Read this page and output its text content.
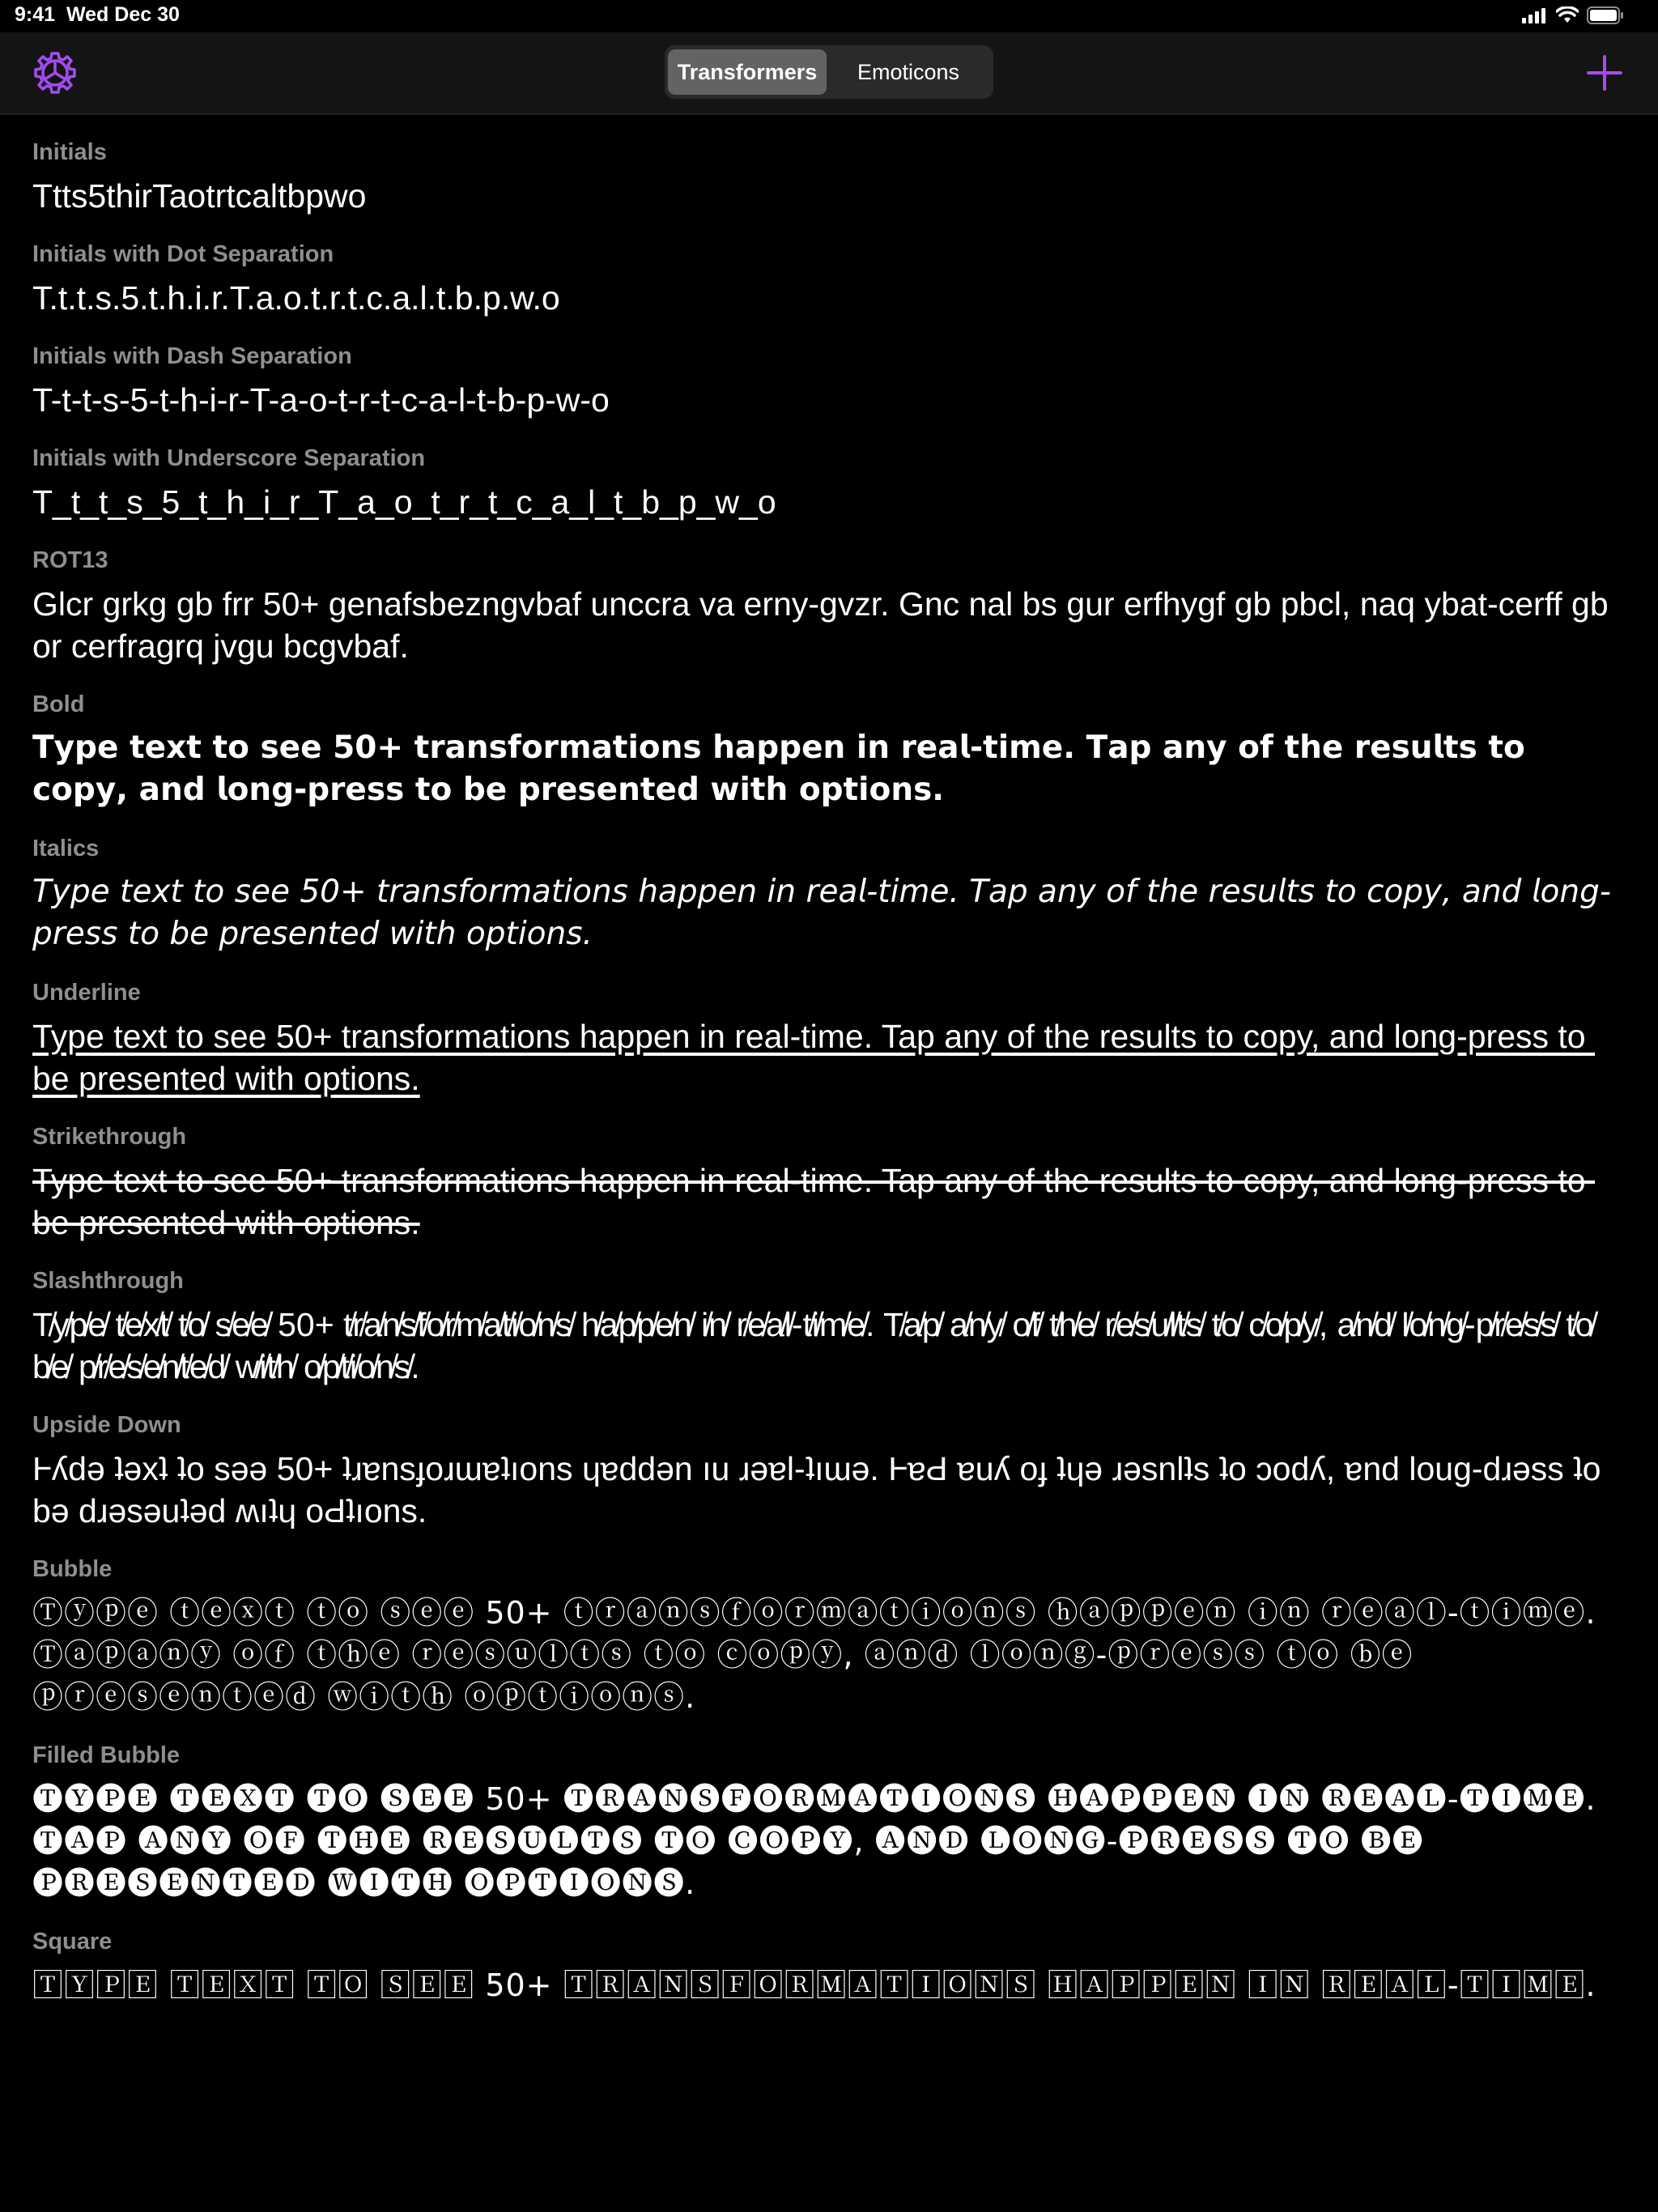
9:41 Wed Dec 30
Transformers	Emoticons
Initials
Ttts5thirTaotrtcaltbpwo
Initials with Dot Separation
T.t.t.s.5.t.h.i.r.T.a.o.t.r.t.c.a.l.t.b.p.w.o
Initials with Dash Separation
T-t-t-s-5-t-h-i-r-T-a-o-t-r-t-c-a-l-t-b-p-w-o
Initials with Underscore Separation
T_t_t_s_5_t_h_i_r_T_a_o_t_r_t_c_a_l_t_b_p_w_o
ROT13
Glcr grkg gb frr 50+ genafsbezngvbaf unccra va erny-gvzr. Gnc nal bs gur erfhygf gb pbcl, naq ybat-cerff gb or cerfragrq jvgu bcgvbaf.
Bold
𝗧𝘆𝗽𝗲 𝘁𝗲𝘅𝘁 𝘁𝗼 𝘀𝗲𝗲 50+ 𝘁𝗿𝗮𝗻𝘀𝗳𝗼𝗿𝗺𝗮𝘁𝗶𝗼𝗻𝘀 𝗵𝗮𝗽𝗽𝗲𝗻 𝗶𝗻 𝗿𝗲𝗮𝗹-𝘁𝗶𝗺𝗲. 𝗧𝗮𝗽 𝗮𝗻𝘆 𝗼𝗳 𝘁𝗵𝗲 𝗿𝗲𝘀𝘂𝗹𝘁𝘀 𝘁𝗼 𝗰𝗼𝗽𝘆, 𝗮𝗻𝗱 𝗹𝗼𝗻𝗴-𝗽𝗿𝗲𝘀𝘀 𝘁𝗼 𝗯𝗲 𝗽𝗿𝗲𝘀𝗲𝗻𝘁𝗲𝗱 𝘄𝗶𝘁𝗵 𝗼𝗽𝘁𝗶𝗼𝗻𝘀.
Italics
𝘛𝘺𝘱𝘦 𝘵𝘦𝘹𝘵 𝘵𝘰 𝘴𝘦𝘦 50+ 𝘵𝘳𝘢𝘯𝘴𝘧𝘰𝘳𝘮𝘢𝘵𝘪𝘰𝘯𝘴 𝘩𝘢𝘱𝘱𝘦𝘯 𝘪𝘯 𝘳𝘦𝘢𝘭-𝘵𝘪𝘮𝘦. 𝘛𝘢𝘱 𝘢𝘯𝘺 𝘰𝘧 𝘵𝘩𝘦 𝘳𝘦𝘴𝘶𝘭𝘵𝘴 𝘵𝘰 𝘤𝘰𝘱𝘺, 𝘢𝘯𝘥 𝘭𝘰𝘯𝘨-𝘱𝘳𝘦𝘴𝘴 𝘵𝘰 𝘣𝘦 𝘱𝘳𝘦𝘴𝘦𝘯𝘵𝘦𝘥 𝘸𝘪𝘵𝘩 𝘰𝘱𝘵𝘪𝘰𝘯𝘴.
Underline
Type text to see 50+ transformations happen in real-time. Tap any of the results to copy, and long-press to be presented with options.
Strikethrough
Type text to see 50+ transformations happen in real-time. Tap any of the results to copy, and long-press to be presented with options.
Slashthrough
T̸y̸p̸e̸ t̸e̸x̸t̸ t̸o̸ s̸e̸e̸ 50+ t̸r̸a̸n̸s̸f̸o̸r̸m̸a̸t̸i̸o̸n̸s̸ h̸a̸p̸p̸e̸n̸ i̸n̸ r̸e̸a̸l̸-t̸i̸m̸e̸. T̸a̸p̸ a̸n̸y̸ o̸f̸ t̸h̸e̸ r̸e̸s̸u̸l̸t̸s̸ t̸o̸ c̸o̸p̸y̸, a̸n̸d̸ l̸o̸n̸g̸-p̸r̸e̸s̸s̸ t̸o̸ b̸e̸ p̸r̸e̸s̸e̸n̸t̸e̸d̸ w̸i̸t̸h̸ o̸p̸t̸i̸o̸n̸s̸.
Upside Down
Ⱶʎdǝ ʇǝxʇ ʇo sǝǝ 50+ ʇɹɐnsɟoɹɯɐʇıons ɥɐddǝn ıu ɹǝɐl-ʇıɯǝ. ⱵɐԀ ɐuʎ oɟ ʇɥǝ ɹǝsnlʇs ʇo ɔodʎ, ɐnd loug-dɹǝss ʇo bǝ dɹǝsǝuʇǝd ʍıʇɥ oԀʇıons.
Bubble
Ⓣⓨⓟⓔ ⓣⓔⓧⓣ ⓣⓞ ⓢⓔⓔ 50+ ⓣⓡⓐⓝⓢⓕⓞⓡⓜⓐⓣⓘⓞⓝⓢ ⓗⓐⓟⓟⓔⓝ ⓘⓝ ⓡⓔⓐⓛ-ⓣⓘⓜⓔ. Ⓣⓐⓟⓐⓝⓨ ⓞⓕ ⓣⓗⓔ ⓡⓔⓢⓤⓛⓣⓢ ⓣⓞ ⓒⓞⓟⓨ, ⓐⓝⓓ ⓛⓞⓝⓖ-ⓟⓡⓔⓢⓢ ⓣⓞ ⓑⓔ ⓟⓡⓔⓢⓔⓝⓣⓔⓓ ⓦⓘⓣⓗ ⓞⓟⓣⓘⓞⓝⓢ.
Filled Bubble
🅣🅨🅟🅔 🅣🅔🅧🅣 🅣🅞 🅢🅔🅔 50+ 🅣🅡🅐🅝🅢🅕🅞🅡🅜🅐🅣🅘🅞🅝🅢 🅗🅐🅟🅟🅔🅝 🅘🅝 🅡🅔🅐🅛-🅣🅘🅜🅔. 🅣🅐🅟 🅐🅝🅨 🅞🅕 🅣🅗🅔 🅡🅔🅢🅤🅛🅣🅢 🅣🅞 🅒🅞🅟🅨, 🅐🅝🅓 🅛🅞🅝🅖-🅟🅡🅔🅢🅢 🅣🅞 🅑🅔 🅟🅡🅔🅢🅔🅝🅣🅔🅓 🅦🅘🅣🅗 🅞🅟🅣🅘🅞🅝🅢.
Square
🅃🅈🄿🄴 🅃🄴🅇🅃 🅃🄾 🅂🄴🄴 50+ 🅃🅁🄰🄽🅂🄵🄾🅁🄼🄰🅃🄸🄾🄽🅂 🄷🄰🄿🄿🄴🄽 🄸🄽 🅁🄴🄰🄻-🅃🄸🄼🄴.
